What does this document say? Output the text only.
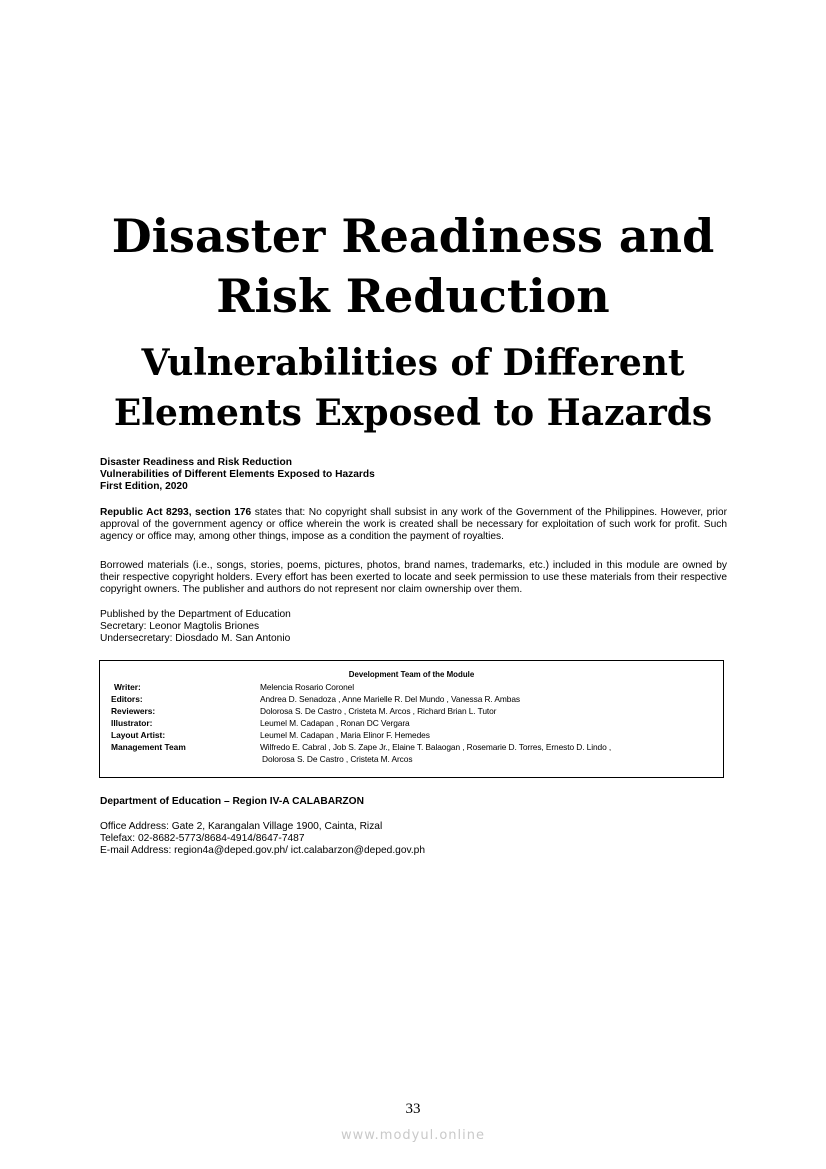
Disaster Readiness and
Risk Reduction
Vulnerabilities of Different
Elements Exposed to Hazards
Disaster Readiness and Risk Reduction
Vulnerabilities of Different Elements Exposed to Hazards
First Edition, 2020
Republic Act 8293, section 176 states that: No copyright shall subsist in any work of the Government of the Philippines. However, prior approval of the government agency or office wherein the work is created shall be necessary for exploitation of such work for profit. Such agency or office may, among other things, impose as a condition the payment of royalties.
Borrowed materials (i.e., songs, stories, poems, pictures, photos, brand names, trademarks, etc.) included in this module are owned by their respective copyright holders. Every effort has been exerted to locate and seek permission to use these materials from their respective copyright owners. The publisher and authors do not represent nor claim ownership over them.
Published by the Department of Education
Secretary: Leonor Magtolis Briones
Undersecretary: Diosdado M. San Antonio
Development Team of the Module
Writer:	Melencia Rosario Coronel
Editors:	Andrea D. Senadoza , Anne Marielle R. Del Mundo , Vanessa R. Ambas
Reviewers:	Dolorosa S. De Castro , Cristeta M. Arcos , Richard Brian L. Tutor
Illustrator:	Leumel M. Cadapan , Ronan DC Vergara
Layout Artist:	Leumel M. Cadapan , Maria Elinor F. Hemedes
Management Team	Wilfredo E. Cabral , Job S. Zape Jr., Elaine T. Balaogan , Rosemarie D. Torres, Ernesto D. Lindo ,
Dolorosa S. De Castro , Cristeta M. Arcos
Department of Education – Region IV-A CALABARZON
Office Address: Gate 2, Karangalan Village 1900, Cainta, Rizal
Telefax: 02-8682-5773/8684-4914/8647-7487
E-mail Address: region4a@deped.gov.ph/ ict.calabarzon@deped.gov.ph
33
www.modyul.online
